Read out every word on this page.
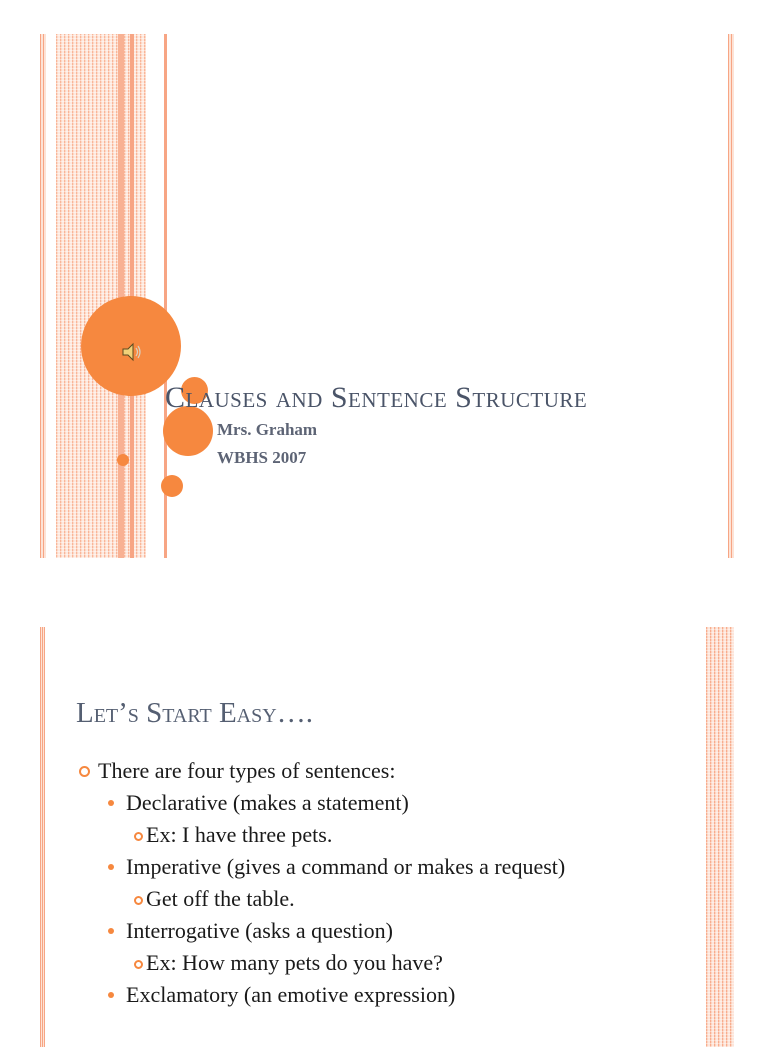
Clauses and Sentence Structure
Mrs. Graham
WBHS 2007
Let’s Start Easy….
There are four types of sentences:
Declarative (makes a statement)
Ex: I have three pets.
Imperative (gives a command or makes a request)
Get off the table.
Interrogative (asks a question)
Ex: How many pets do you have?
Exclamatory (an emotive expression)
